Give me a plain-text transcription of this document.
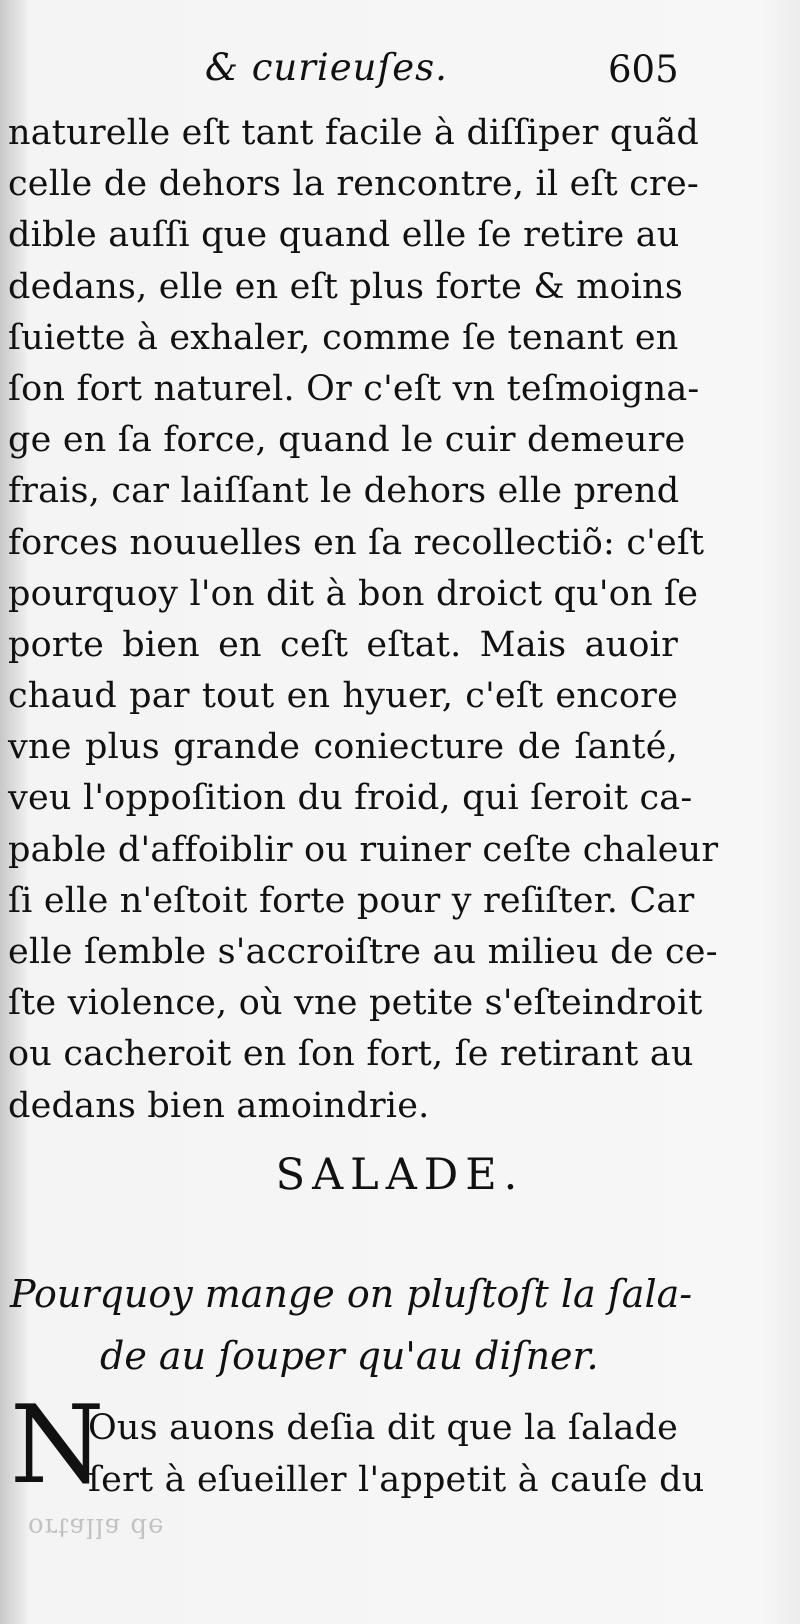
& curieuſes.	605
naturelle eſt tant facile à diſſiper quãd
celle de dehors la rencontre, il eſt cre-
dible auſſi que quand elle ſe retire au
dedans, elle en eſt plus forte & moins
ſuiette à exhaler, comme ſe tenant en
ſon fort naturel. Or c'eſt vn teſmoigna-
ge en ſa force, quand le cuir demeure
frais, car laiſſant le dehors elle prend
forces nouuelles en ſa recollectiõ: c'eſt
pourquoy l'on dit à bon droict qu'on ſe
porte bien en ceſt eſtat. Mais auoir
chaud par tout en hyuer, c'eſt encore
vne plus grande coniecture de ſanté,
veu l'oppoſition du froid, qui ſeroit ca-
pable d'affoiblir ou ruiner ceſte chaleur
ſi elle n'eſtoit forte pour y reſiſter. Car
elle ſemble s'accroiſtre au milieu de ce-
ſte violence, où vne petite s'eſteindroit
ou cacheroit en ſon fort, ſe retirant au
dedans bien amoindrie.
SALADE.
Pourquoy mange on pluſtoſt la ſala-
de au ſouper qu'au diſner.
N
Ous auons deſia dit que la ſalade
ſert à eſueiller l'appetit à cauſe du
ortalla de
